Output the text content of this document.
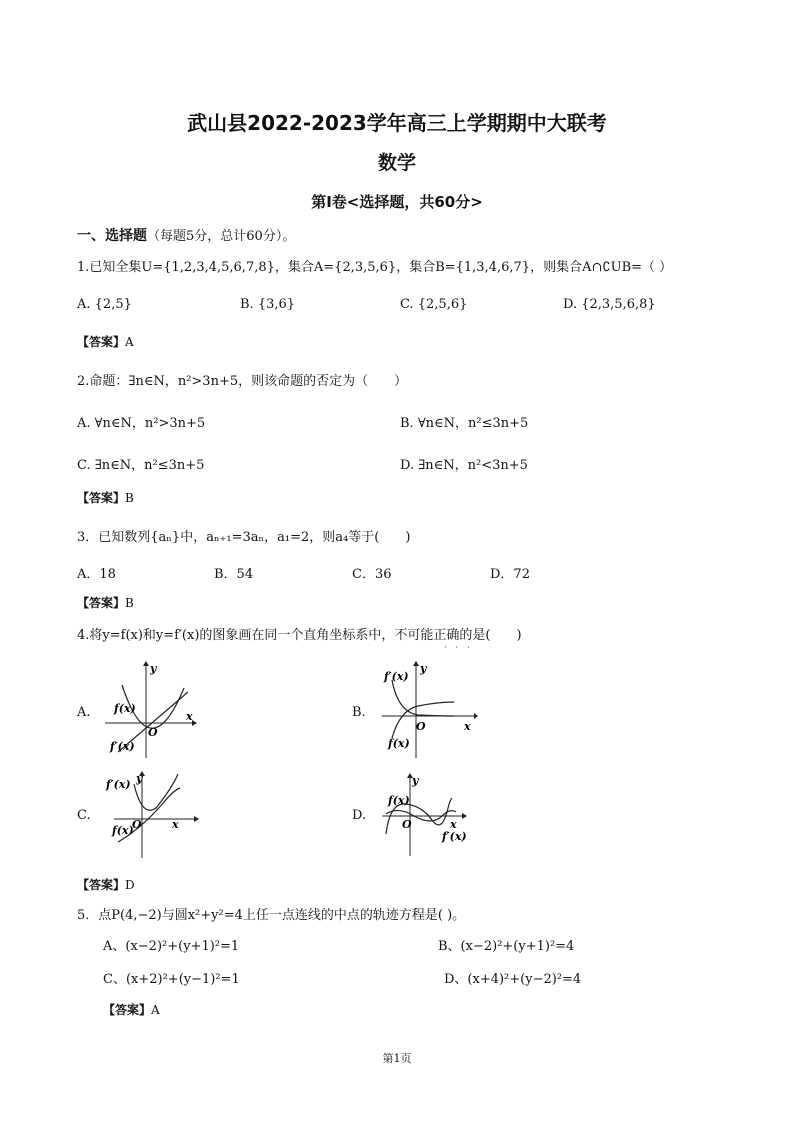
武山县2022-2023学年高三上学期期中大联考
数学
第Ⅰ卷<选择题，共60分>
一、选择题（每题5分，总计60分）。
1.已知全集U={1,2,3,4,5,6,7,8}，集合A={2,3,5,6}，集合B={1,3,4,6,7}，则集合A∩∁UB=（ ）
A. {2,5}	B. {3,6}	C. {2,5,6}	D. {2,3,5,6,8}
【答案】A
2.命题：∃n∈N，n²>3n+5，则该命题的否定为（　　）
A. ∀n∈N，n²>3n+5	B. ∀n∈N，n²≤3n+5
C. ∃n∈N，n²≤3n+5	D. ∃n∈N，n²<3n+5
【答案】B
3．已知数列{aₙ}中，aₙ₊₁=3aₙ，a₁=2，则a₄等于(　　)
A．18	B．54	C．36	D．72
【答案】B
4.将y=f(x)和y=f′(x)的图象画在同一个直角坐标系中，不可能正确的是(　　)
···
A.	B.
C.	D.
y
x
O
f(x)
f′(x)
y
x
O
f′(x)
f(x)
y
x
O
f′(x)
f(x)
y
x
O
f(x)
f′(x)
【答案】D
5．点P(4,−2)与圆x²+y²=4上任一点连线的中点的轨迹方程是( )。
A、(x−2)²+(y+1)²=1	B、(x−2)²+(y+1)²=4
C、(x+2)²+(y−1)²=1	D、(x+4)²+(y−2)²=4
【答案】A
第1页
